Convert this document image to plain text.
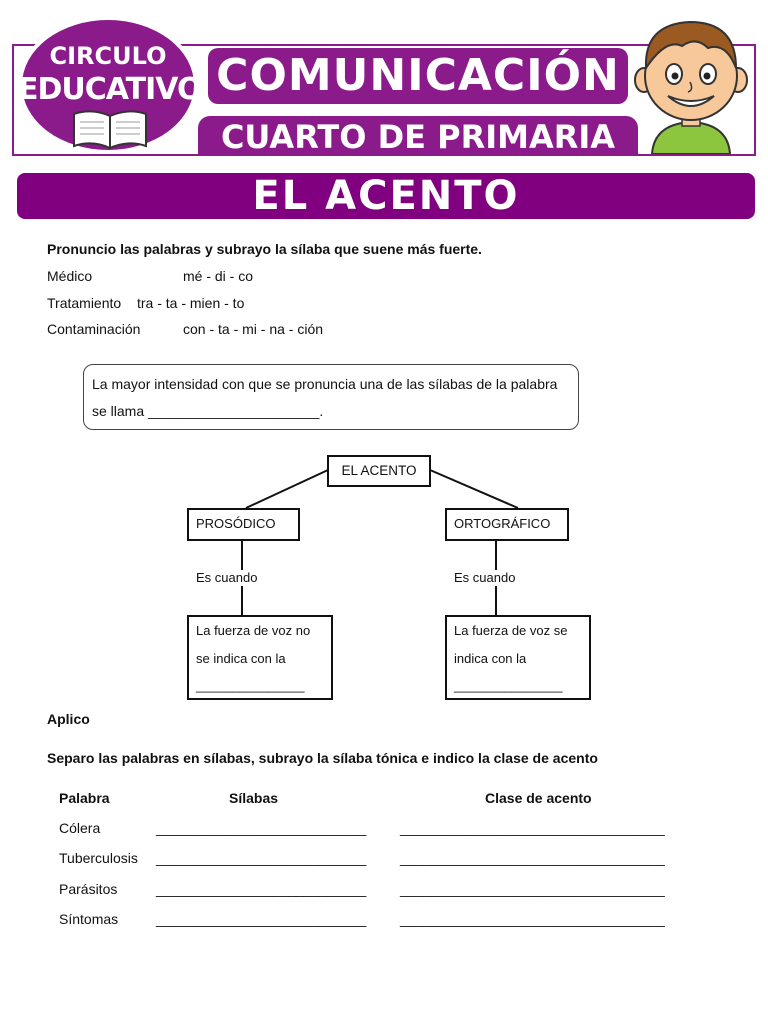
COMUNICACIÓN
CUARTO DE PRIMARIA
CIRCULO
EDUCATIVO
EL ACENTO
Pronuncio las palabras y subrayo la sílaba que suene más fuerte.
Médico	mé - di - co
Tratamiento tra - ta - mien - to
Contaminación	con - ta - mi - na - ción
La mayor intensidad con que se pronuncia una de las sílabas de la palabra
se llama ______________________.
EL ACENTO
PROSÓDICO	ORTOGRÁFICO
Es cuando	Es cuando
La fuerza de voz no
se indica con la
_______________
La fuerza de voz se
indica con la
_______________
Aplico
Separo las palabras en sílabas, subrayo la sílaba tónica e indico la clase de acento
Palabra	Sílabas	Clase de acento
Cólera	___________________________ __________________________________
Tuberculosis ___________________________ __________________________________
Parásitos	___________________________ __________________________________
Síntomas	___________________________ __________________________________
